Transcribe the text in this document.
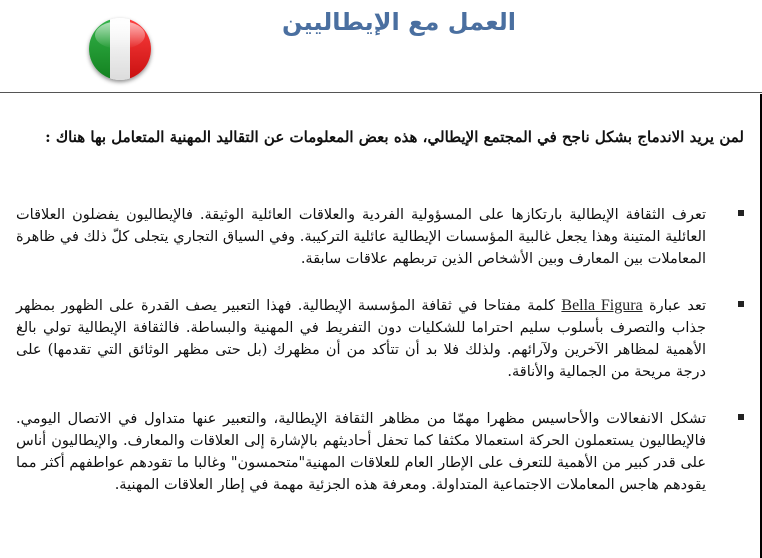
العمل مع الإيطاليين

لمن يريد الاندماج بشكل ناجح في المجتمع الإيطالي، هذه بعض المعلومات عن التقاليد المهنية المتعامل بها هناك :

تعرف الثقافة الإيطالية بارتكازها على المسؤولية الفردية والعلاقات العائلية الوثيقة. فالإيطاليون يفضلون العلاقات العائلية المتينة وهذا يجعل غالبية المؤسسات الإيطالية عائلية التركيبة. وفي السياق التجاري يتجلى كلّ ذلك في ظاهرة المعاملات بين المعارف وبين الأشخاص الذين تربطهم علاقات سابقة.
تعد عبارة Bella Figura كلمة مفتاحا في ثقافة المؤسسة الإيطالية. فهذا التعبير يصف القدرة على الظهور بمظهر جذاب والتصرف بأسلوب سليم احتراما للشكليات دون التفريط في المهنية والبساطة. فالثقافة الإيطالية تولي بالغ الأهمية لمظاهر الآخرين ولآرائهم. ولذلك فلا بد أن تتأكد من أن مظهرك (بل حتى مظهر الوثائق التي تقدمها) على درجة مريحة من الجمالية والأناقة.
تشكل الانفعالات والأحاسيس مظهرا مهمّا من مظاهر الثقافة الإيطالية، والتعبير عنها متداول في الاتصال اليومي. فالإيطاليون يستعملون الحركة استعمالا مكثفا كما تحفل أحاديثهم بالإشارة إلى العلاقات والمعارف. والإيطاليون أناس على قدر كبير من الأهمية للتعرف على الإطار العام للعلاقات المهنية"متحمسون" وغالبا ما تقودهم عواطفهم أكثر مما يقودهم هاجس المعاملات الاجتماعية المتداولة. ومعرفة هذه الجزئية مهمة في إطار العلاقات المهنية.
